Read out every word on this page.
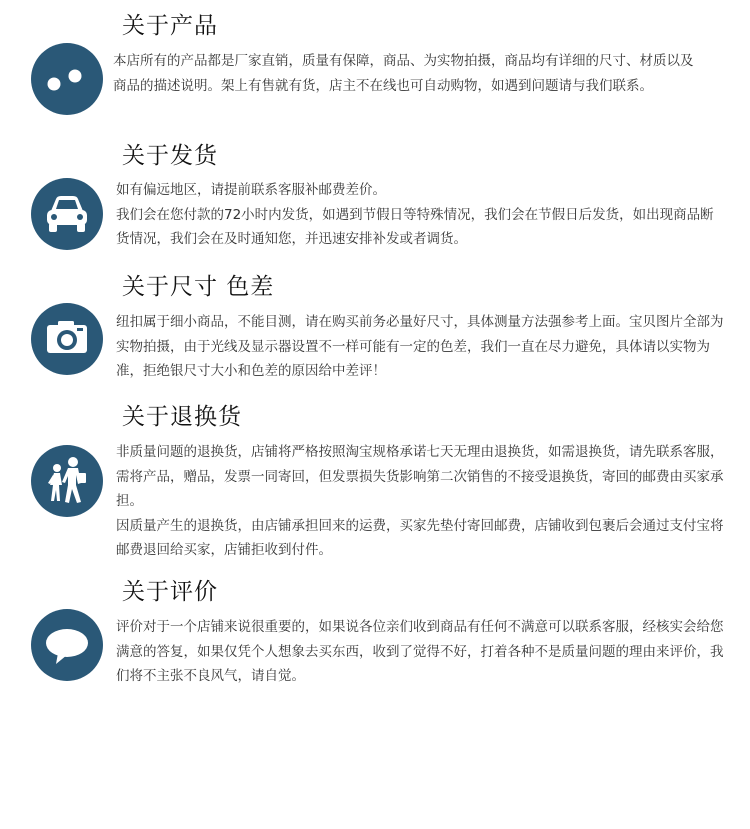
关于产品

本店所有的产品都是厂家直销，质量有保障，商品、为实物拍摄，商品均有详细的尺寸、材质以及商品的描述说明。架上有售就有货，店主不在线也可自动购物，如遇到问题请与我们联系。

关于发货

如有偏远地区，请提前联系客服补邮费差价。

我们会在您付款的72小时内发货，如遇到节假日等特殊情况，我们会在节假日后发货，如出现商品断货情况，我们会在及时通知您，并迅速安排补发或者调货。

关于尺寸 色差

纽扣属于细小商品，不能目测，请在购买前务必量好尺寸，具体测量方法强参考上面。宝贝图片全部为实物拍摄，由于光线及显示器设置不一样可能有一定的色差，我们一直在尽力避免，具体请以实物为准，拒绝银尺寸大小和色差的原因给中差评！

关于退换货

非质量问题的退换货，店铺将严格按照淘宝规格承诺七天无理由退换货，如需退换货，请先联系客服，需将产品，赠品，发票一同寄回，但发票损失货影响第二次销售的不接受退换货，寄回的邮费由买家承担。

因质量产生的退换货，由店铺承担回来的运费，买家先垫付寄回邮费，店铺收到包裹后会通过支付宝将邮费退回给买家，店铺拒收到付件。

关于评价

评价对于一个店铺来说很重要的，如果说各位亲们收到商品有任何不满意可以联系客服，经核实会给您满意的答复，如果仅凭个人想象去买东西，收到了觉得不好，打着各种不是质量问题的理由来评价，我们将不主张不良风气，请自觉。
